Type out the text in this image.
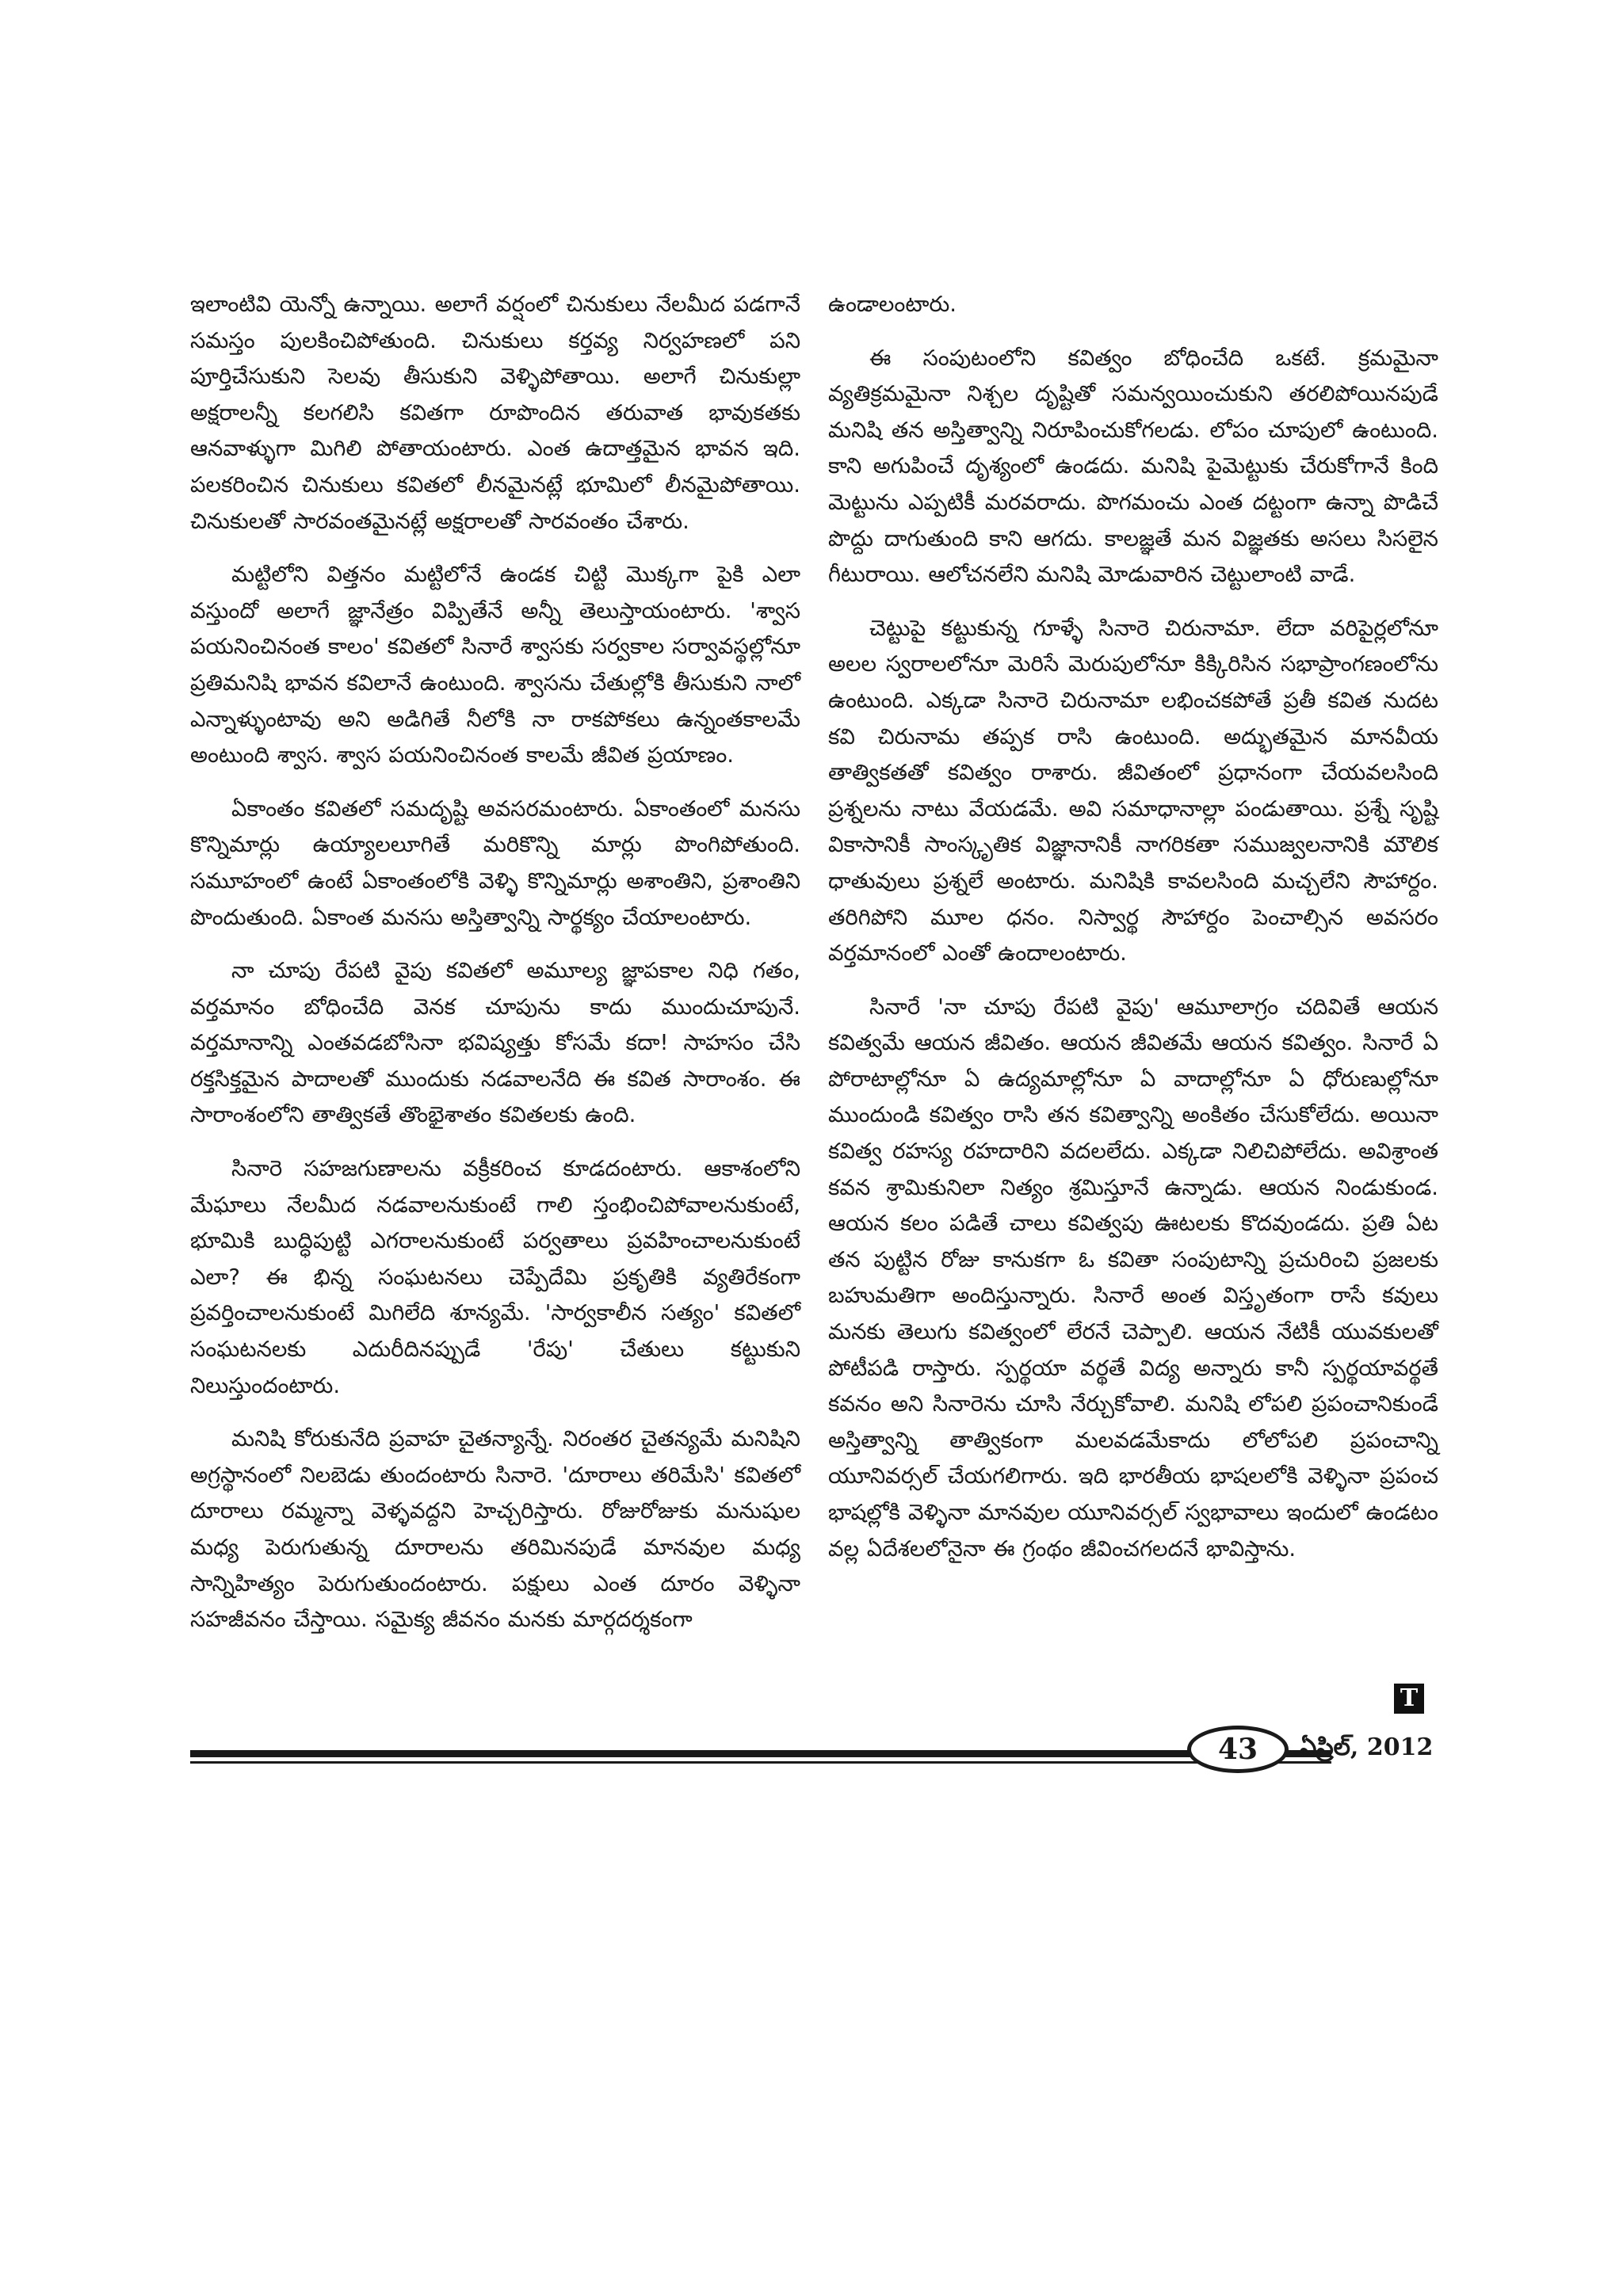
ఇలాంటివి యెన్నో ఉన్నాయి. అలాగే వర్షంలో చినుకులు నేలమీద పడగానే సమస్తం పులకించిపోతుంది. చినుకులు కర్తవ్య నిర్వహణలో పని పూర్తిచేసుకుని సెలవు తీసుకుని వెళ్ళిపోతాయి. అలాగే చినుకుల్లా అక్షరాలన్నీ కలగలిసి కవితగా రూపొందిన తరువాత భావుకతకు ఆనవాళ్ళుగా మిగిలి పోతాయంటారు. ఎంత ఉదాత్తమైన భావన ఇది. పలకరించిన చినుకులు కవితలో లీనమైనట్లే భూమిలో లీనమైపోతాయి. చినుకులతో సారవంతమైనట్లే అక్షరాలతో సారవంతం చేశారు.

మట్టిలోని విత్తనం మట్టిలోనే ఉండక చిట్టి మొక్కగా పైకి ఎలా వస్తుందో అలాగే జ్ఞానేత్రం విప్పితేనే అన్నీ తెలుస్తాయంటారు. 'శ్వాస పయనించినంత కాలం' కవితలో సినారే శ్వాసకు సర్వకాల సర్వావస్థల్లోనూ ప్రతిమనిషి భావన కవిలానే ఉంటుంది. శ్వాసను చేతుల్లోకి తీసుకుని నాలో ఎన్నాళ్ళుంటావు అని అడిగితే నీలోకి నా రాకపోకలు ఉన్నంతకాలమే అంటుంది శ్వాస. శ్వాస పయనించినంత కాలమే జీవిత ప్రయాణం.

ఏకాంతం కవితలో సమదృష్టి అవసరమంటారు. ఏకాంతంలో మనసు కొన్నిమార్లు ఉయ్యాలలూగితే మరికొన్ని మార్లు పొంగిపోతుంది. సమూహంలో ఉంటే ఏకాంతంలోకి వెళ్ళి కొన్నిమార్లు అశాంతిని, ప్రశాంతిని పొందుతుంది. ఏకాంత మనసు అస్తిత్వాన్ని సార్థక్యం చేయాలంటారు.

నా చూపు రేపటి వైపు కవితలో అమూల్య జ్ఞాపకాల నిధి గతం, వర్తమానం బోధించేది వెనక చూపును కాదు ముందుచూపునే. వర్తమానాన్ని ఎంతవడబోసినా భవిష్యత్తు కోసమే కదా! సాహసం చేసి రక్తసిక్తమైన పాదాలతో ముందుకు నడవాలనేది ఈ కవిత సారాంశం. ఈ సారాంశంలోని తాత్వికతే తొంభైశాతం కవితలకు ఉంది.

సినారె సహజగుణాలను వక్రీకరించ కూడదంటారు. ఆకాశంలోని మేఘాలు నేలమీద నడవాలనుకుంటే గాలి స్తంభించిపోవాలనుకుంటే, భూమికి బుద్ధిపుట్టి ఎగరాలనుకుంటే పర్వతాలు ప్రవహించాలనుకుంటే ఎలా? ఈ భిన్న సంఘటనలు చెప్పేదేమి ప్రకృతికి వ్యతిరేకంగా ప్రవర్తించాలనుకుంటే మిగిలేది శూన్యమే. 'సార్వకాలీన సత్యం' కవితలో సంఘటనలకు ఎదురీదినప్పుడే 'రేపు' చేతులు కట్టుకుని నిలుస్తుందంటారు.

మనిషి కోరుకునేది ప్రవాహ చైతన్యాన్నే. నిరంతర చైతన్యమే మనిషిని అగ్రస్థానంలో నిలబెడు తుందంటారు సినారె. 'దూరాలు తరిమేసి' కవితలో దూరాలు రమ్మన్నా వెళ్ళవద్దని హెచ్చరిస్తారు. రోజురోజుకు మనుషుల మధ్య పెరుగుతున్న దూరాలను తరిమినపుడే మానవుల మధ్య సాన్నిహిత్యం పెరుగుతుందంటారు. పక్షులు ఎంత దూరం వెళ్ళినా సహజీవనం చేస్తాయి. సమైక్య జీవనం మనకు మార్గదర్శకంగా

ఉండాలంటారు.

ఈ సంపుటంలోని కవిత్వం బోధించేది ఒకటే. క్రమమైనా వ్యతిక్రమమైనా నిశ్చల దృష్టితో సమన్వయించుకుని తరలిపోయినపుడే మనిషి తన అస్తిత్వాన్ని నిరూపించుకోగలడు. లోపం చూపులో ఉంటుంది. కాని అగుపించే దృశ్యంలో ఉండదు. మనిషి పైమెట్టుకు చేరుకోగానే కింది మెట్టును ఎప్పటికీ మరవరాదు. పొగమంచు ఎంత దట్టంగా ఉన్నా పొడిచే పొద్దు దాగుతుంది కాని ఆగదు. కాలజ్ఞతే మన విజ్ఞతకు అసలు సిసలైన గీటురాయి. ఆలోచనలేని మనిషి మోడువారిన చెట్టులాంటి వాడే.

చెట్టుపై కట్టుకున్న గూళ్ళే సినారె చిరునామా. లేదా వరిపైర్లలోనూ అలల స్వరాలలోనూ మెరిసే మెరుపులోనూ కిక్కిరిసిన సభాప్రాంగణంలోను ఉంటుంది. ఎక్కడా సినారె చిరునామా లభించకపోతే ప్రతీ కవిత నుదట కవి చిరునామ తప్పక రాసి ఉంటుంది. అద్భుతమైన మానవీయ తాత్వికతతో కవిత్వం రాశారు. జీవితంలో ప్రధానంగా చేయవలసింది ప్రశ్నలను నాటు వేయడమే. అవి సమాధానాల్లా పండుతాయి. ప్రశ్నే సృష్టి వికాసానికీ సాంస్కృతిక విజ్ఞానానికీ నాగరికతా సముజ్వలనానికి మౌలిక ధాతువులు ప్రశ్నలే అంటారు. మనిషికి కావలసింది మచ్చలేని సౌహార్దం. తరిగిపోని మూల ధనం. నిస్వార్థ సౌహార్దం పెంచాల్సిన అవసరం వర్తమానంలో ఎంతో ఉందాలంటారు.

సినారే 'నా చూపు రేపటి వైపు' ఆమూలాగ్రం చదివితే ఆయన కవిత్వమే ఆయన జీవితం. ఆయన జీవితమే ఆయన కవిత్వం. సినారే ఏ పోరాటాల్లోనూ ఏ ఉద్యమాల్లోనూ ఏ వాదాల్లోనూ ఏ ధోరుణుల్లోనూ ముందుండి కవిత్వం రాసి తన కవిత్వాన్ని అంకితం చేసుకోలేదు. అయినా కవిత్వ రహస్య రహదారిని వదలలేదు. ఎక్కడా నిలిచిపోలేదు. అవిశ్రాంత కవన శ్రామికునిలా నిత్యం శ్రమిస్తూనే ఉన్నాడు. ఆయన నిండుకుండ. ఆయన కలం పడితే చాలు కవిత్వపు ఊటలకు కొదవుండదు. ప్రతి ఏట తన పుట్టిన రోజు కానుకగా ఓ కవితా సంపుటాన్ని ప్రచురించి ప్రజలకు బహుమతిగా అందిస్తున్నారు. సినారే అంత విస్తృతంగా రాసే కవులు మనకు తెలుగు కవిత్వంలో లేరనే చెప్పాలి. ఆయన నేటికీ యువకులతో పోటీపడి రాస్తారు. స్పర్థయా వర్థతే విద్య అన్నారు కానీ స్పర్థయావర్థతే కవనం అని సినారెను చూసి నేర్చుకోవాలి. మనిషి లోపలి ప్రపంచానికుండే అస్తిత్వాన్ని తాత్వికంగా మలవడమేకాదు లోలోపలి ప్రపంచాన్ని యూనివర్సల్ చేయగలిగారు. ఇది భారతీయ భాషలలోకి వెళ్ళినా ప్రపంచ భాషల్లోకి వెళ్ళినా మానవుల యూనివర్సల్ స్వభావాలు ఇందులో ఉండటం వల్ల ఏదేశలలోనైనా ఈ గ్రంథం జీవించగలదనే భావిస్తాను.

T
43	ఏప్రిల్, 2012
